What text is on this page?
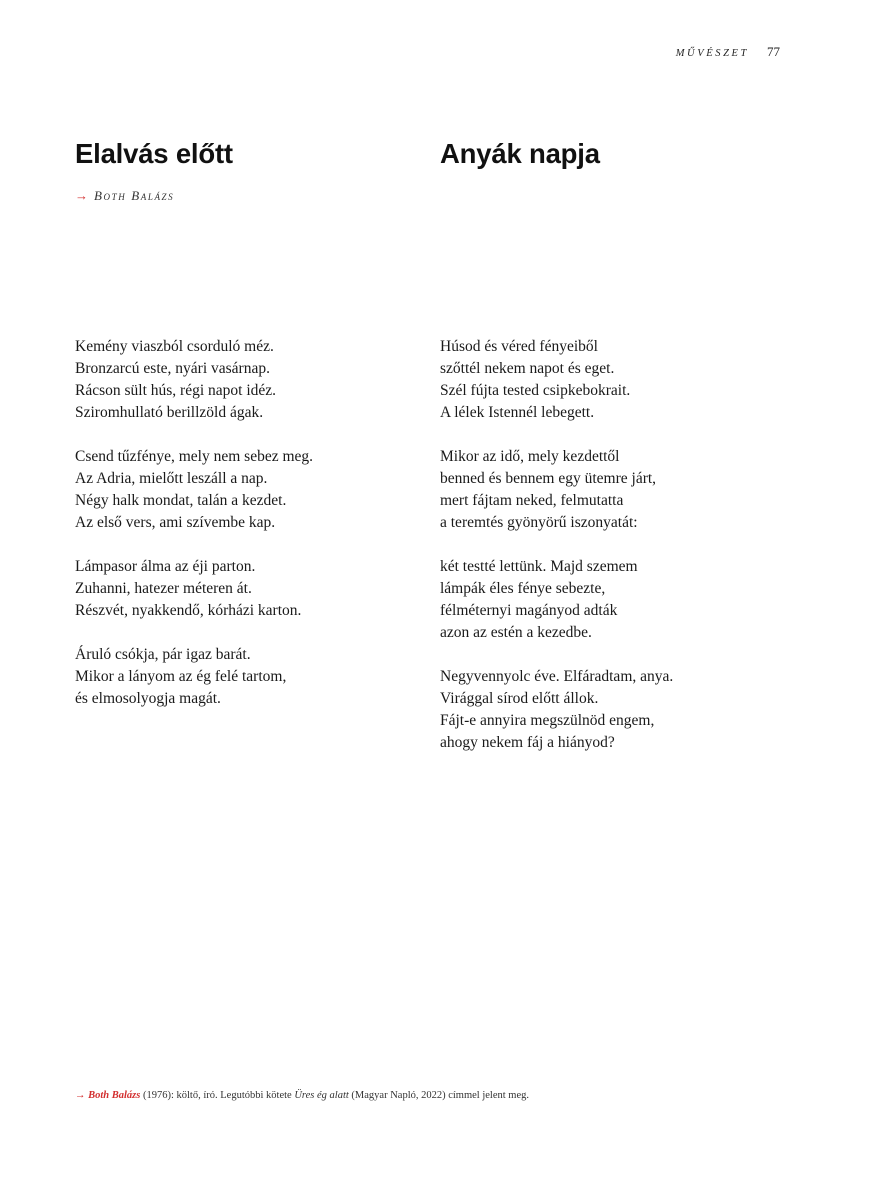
MŰVÉSZET 77
Elalvás előtt
→ Both Balázs
Anyák napja
Kemény viaszból csorduló méz.
Bronzarcú este, nyári vasárnap.
Rácson sült hús, régi napot idéz.
Sziromhullató berillzöld ágak.
Csend tűzfénye, mely nem sebez meg.
Az Adria, mielőtt leszáll a nap.
Négy halk mondat, talán a kezdet.
Az első vers, ami szívembe kap.
Lámpasor álma az éji parton.
Zuhanni, hatezer méteren át.
Részvét, nyakkendő, kórházi karton.
Áruló csókja, pár igaz barát.
Mikor a lányom az ég felé tartom,
és elmosolyogja magát.
Húsod és véred fényeiből
szőttél nekem napot és eget.
Szél fújta tested csipkebokrait.
A lélek Istennél lebegett.
Mikor az idő, mely kezdettől
benned és bennem egy ütemre járt,
mert fájtam neked, felmutatta
a teremtés gyönyörű iszonyatát:
két testté lettünk. Majd szemem
lámpák éles fénye sebezte,
félméternyi magányod adták
azon az estén a kezedbe.
Negyvennyolc éve. Elfáradtam, anya.
Virággal sírod előtt állok.
Fájt-e annyira megszülnöd engem,
ahogy nekem fáj a hiányod?
→ Both Balázs (1976): költő, író. Legutóbbi kötete Üres ég alatt (Magyar Napló, 2022) címmel jelent meg.
